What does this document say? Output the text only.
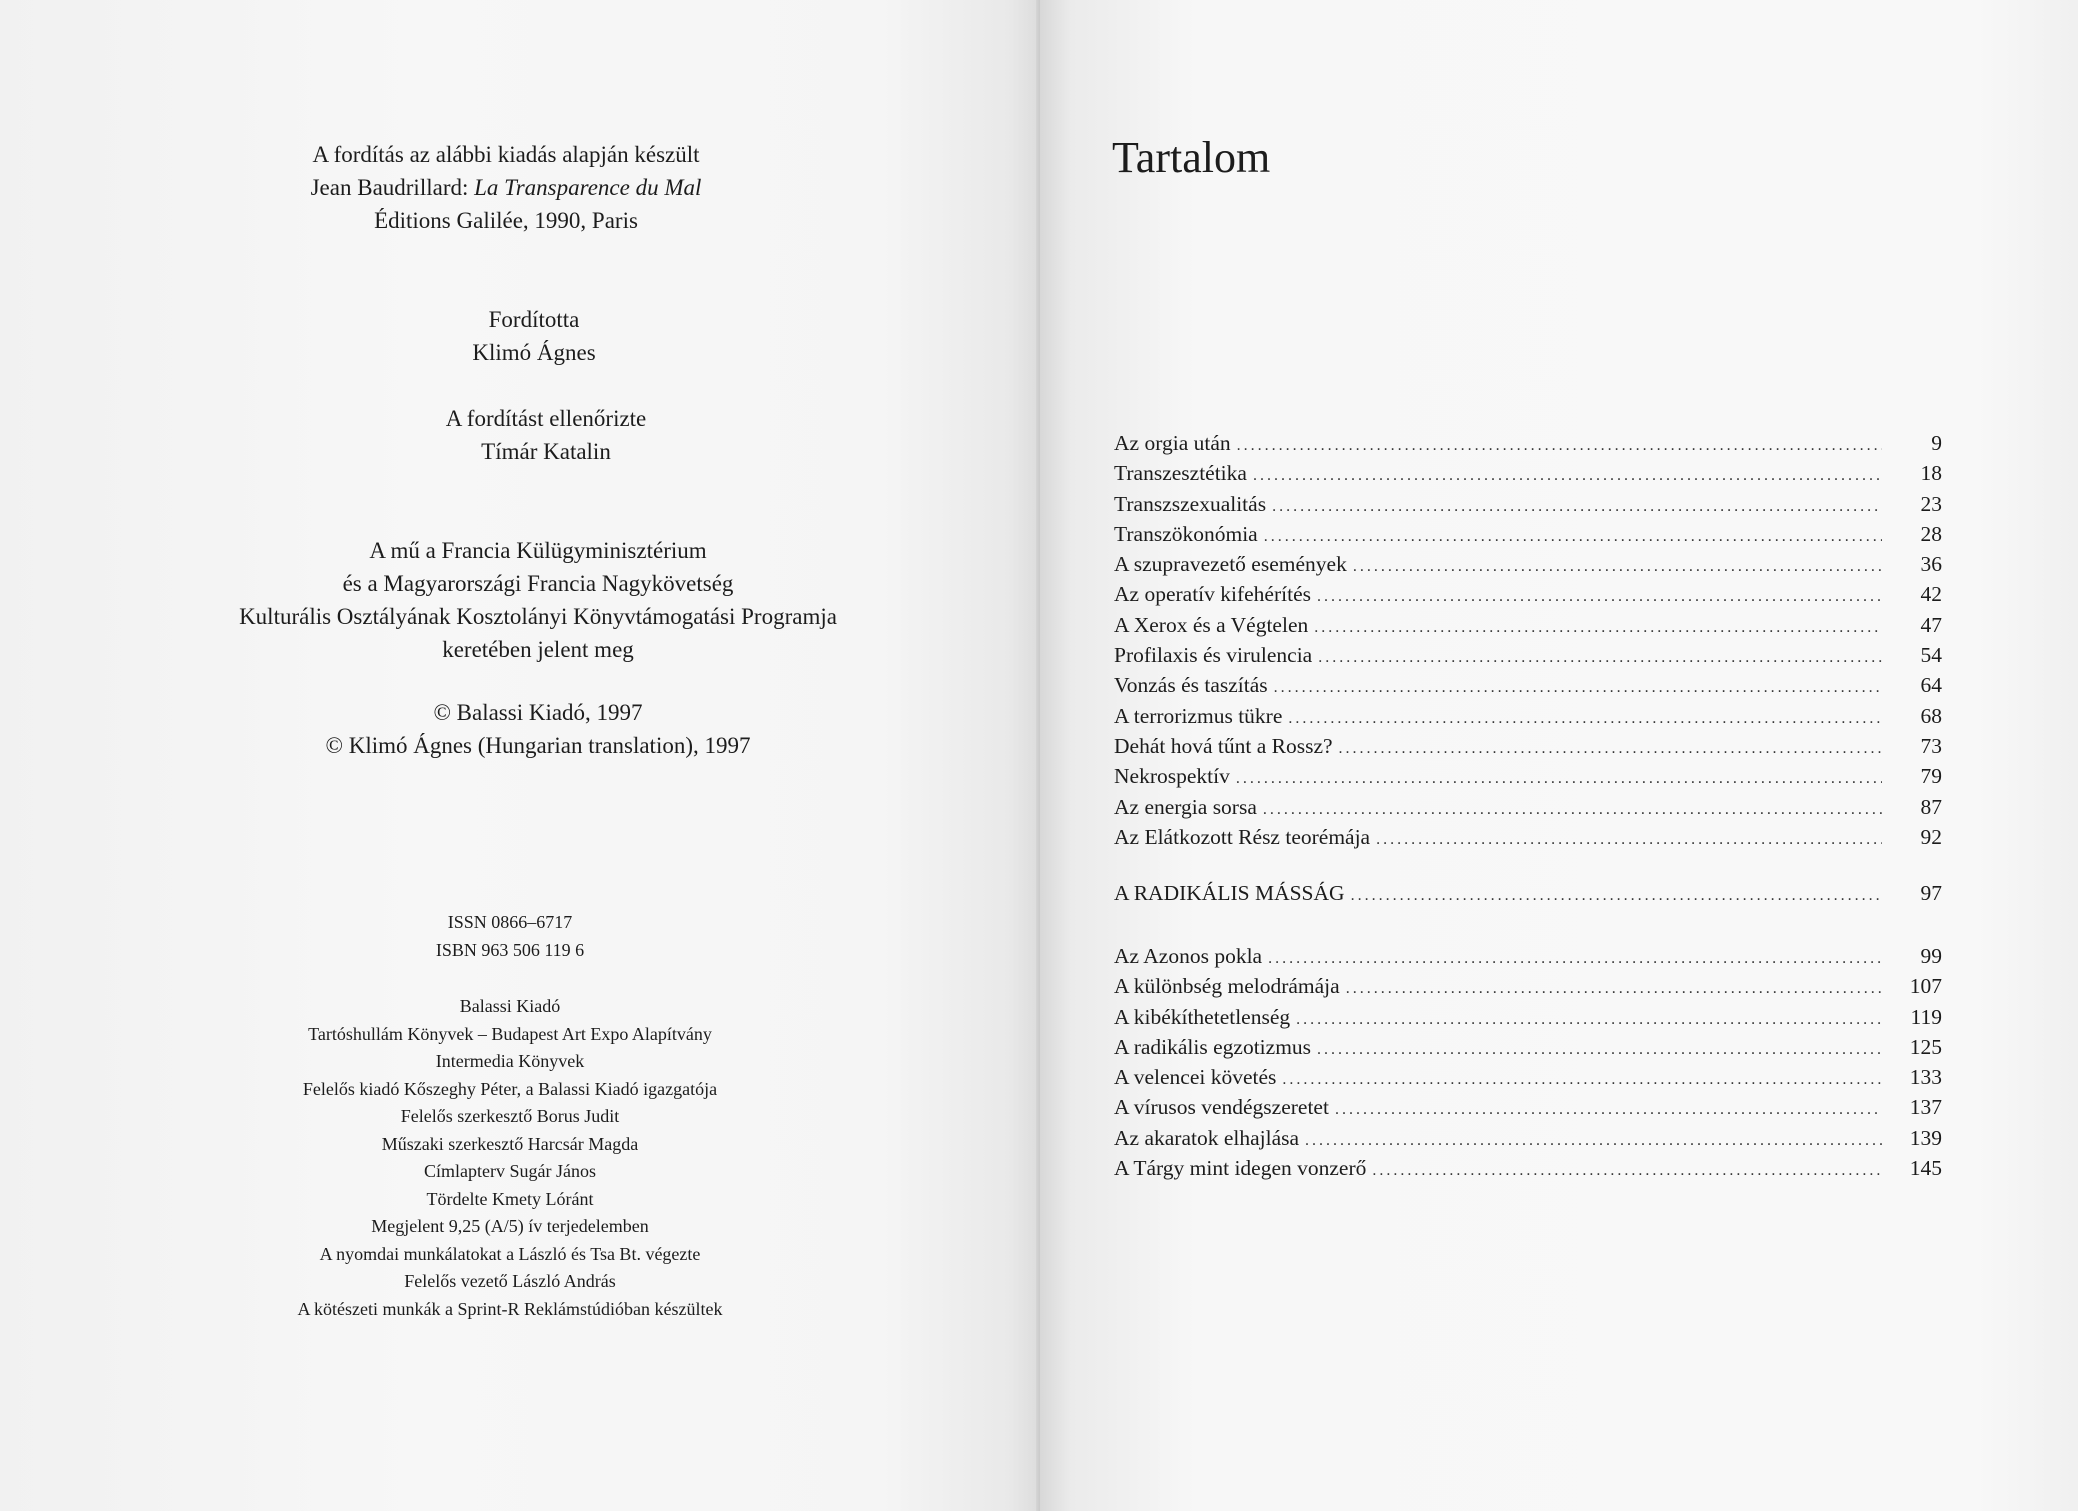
A fordítás az alábbi kiadás alapján készült
Jean Baudrillard: La Transparence du Mal
Éditions Galilée, 1990, Paris
Fordította
Klimó Ágnes
A fordítást ellenőrizte
Tímár Katalin
A mű a Francia Külügyminisztérium
és a Magyarországi Francia Nagykövetség
Kulturális Osztályának Kosztolányi Könyvtámogatási Programja
keretében jelent meg
© Balassi Kiadó, 1997
© Klimó Ágnes (Hungarian translation), 1997
ISSN 0866–6717
ISBN 963 506 119 6
Balassi Kiadó
Tartóshullám Könyvek – Budapest Art Expo Alapítvány
Intermedia Könyvek
Felelős kiadó Kőszeghy Péter, a Balassi Kiadó igazgatója
Felelős szerkesztő Borus Judit
Műszaki szerkesztő Harcsár Magda
Címlapterv Sugár János
Tördelte Kmety Lóránt
Megjelent 9,25 (A/5) ív terjedelemben
A nyomdai munkálatokat a László és Tsa Bt. végezte
Felelős vezető László András
A kötészeti munkák a Sprint-R Reklámstúdióban készültek
Tartalom
Az orgia után . . .	9
Transzesztétika . . .	18
Transzszexualitás . . .	23
Transzökonómia . . .	28
A szupravezető események . . .	36
Az operatív kifehérítés . . .	42
A Xerox és a Végtelen . . .	47
Profilaxis és virulencia . . .	54
Vonzás és taszítás . . .	64
A terrorizmus tükre . . .	68
Dehát hová tűnt a Rossz? . . .	73
Nekrospektív . . .	79
Az energia sorsa . . .	87
Az Elátkozott Rész teorémája . . .	92
A RADIKÁLIS MÁSSÁG . . .	97
Az Azonos pokla . . .	99
A különbség melodrámája . . .	107
A kibékíthetetlenség . . .	119
A radikális egzotizmus . . .	125
A velencei követés . . .	133
A vírusos vendégszeretet . . .	137
Az akaratok elhajlása . . .	139
A Tárgy mint idegen vonzerő . . .	145
